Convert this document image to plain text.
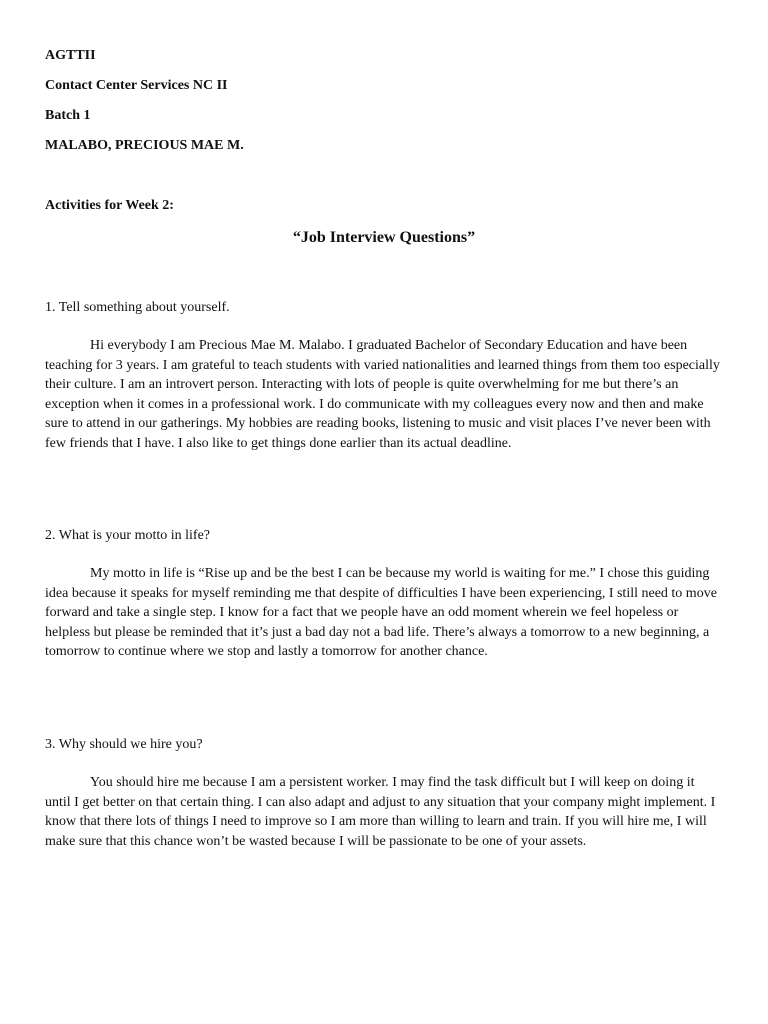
AGTTII
Contact Center Services NC II
Batch 1
MALABO, PRECIOUS MAE M.
Activities for Week 2:
“Job Interview Questions”
1. Tell something about yourself.

Hi everybody I am Precious Mae M. Malabo. I graduated Bachelor of Secondary Education and have been teaching for 3 years. I am grateful to teach students with varied nationalities and learned things from them too especially their culture. I am an introvert person. Interacting with lots of people is quite overwhelming for me but there’s an exception when it comes in a professional work. I do communicate with my colleagues every now and then and make sure to attend in our gatherings. My hobbies are reading books, listening to music and visit places I’ve never been with few friends that I have. I also like to get things done earlier than its actual deadline.

2. What is your motto in life?

My motto in life is “Rise up and be the best I can be because my world is waiting for me.” I chose this guiding idea because it speaks for myself reminding me that despite of difficulties I have been experiencing, I still need to move forward and take a single step. I know for a fact that we people have an odd moment wherein we feel hopeless or helpless but please be reminded that it’s just a bad day not a bad life. There’s always a tomorrow to a new beginning, a tomorrow to continue where we stop and lastly a tomorrow for another chance.

3. Why should we hire you?

You should hire me because I am a persistent worker. I may find the task difficult but I will keep on doing it until I get better on that certain thing. I can also adapt and adjust to any situation that your company might implement. I know that there lots of things I need to improve so I am more than willing to learn and train. If you will hire me, I will make sure that this chance won’t be wasted because I will be passionate to be one of your assets.
